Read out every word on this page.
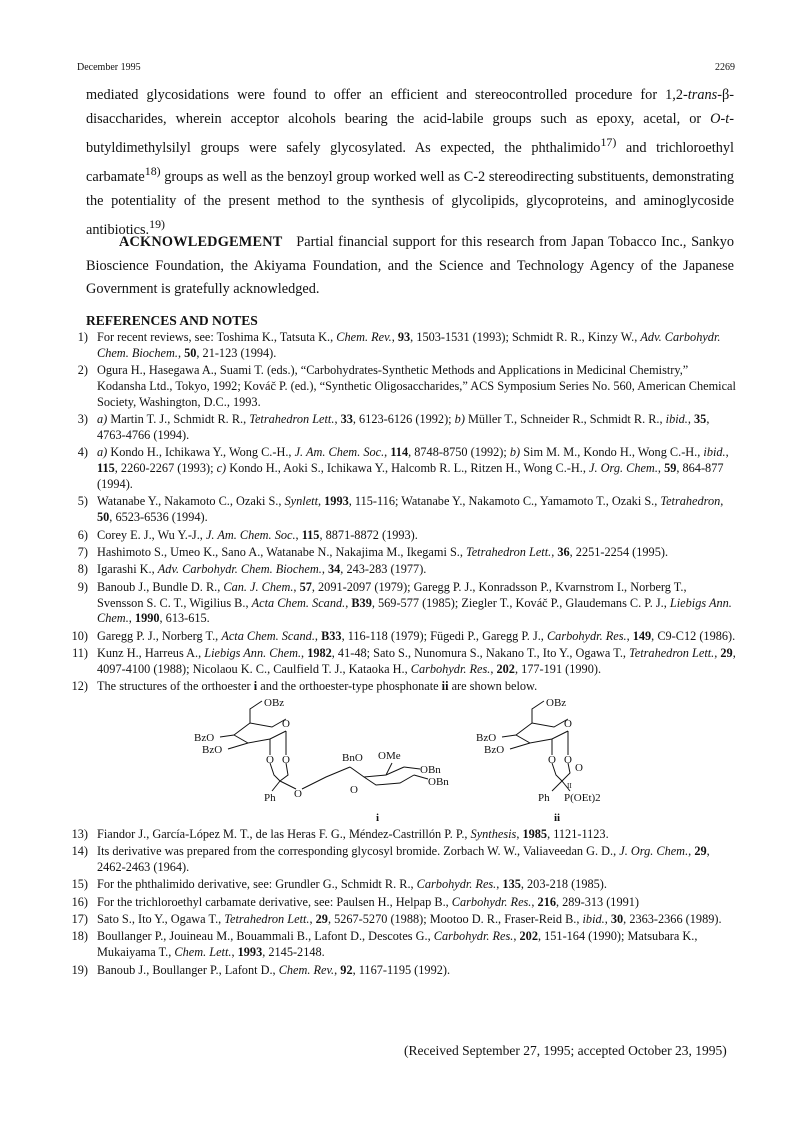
December 1995	2269

mediated glycosidations were found to offer an efficient and stereocontrolled procedure for 1,2-trans-β-disaccharides, wherein acceptor alcohols bearing the acid-labile groups such as epoxy, acetal, or O-t-butyldimethylsilyl groups were safely glycosylated. As expected, the phthalimido$^{17)}$ and trichloroethyl carbamate$^{18)}$ groups as well as the benzoyl group worked well as C-2 stereodirecting substituents, demonstrating the potentiality of the present method to the synthesis of glycolipids, glycoproteins, and aminoglycoside antibiotics.$^{19)}$

ACKNOWLEDGEMENT Partial financial support for this research from Japan Tobacco Inc., Sankyo Bioscience Foundation, the Akiyama Foundation, and the Science and Technology Agency of the Japanese Government is gratefully acknowledged.

REFERENCES AND NOTES

1) For recent reviews, see: Toshima K., Tatsuta K., Chem. Rev., 93, 1503-1531 (1993); Schmidt R. R., Kinzy W., Adv. Carbohydr. Chem. Biochem., 50, 21-123 (1994).

2) Ogura H., Hasegawa A., Suami T. (eds.), “Carbohydrates-Synthetic Methods and Applications in Medicinal Chemistry,” Kodansha Ltd., Tokyo, 1992; Kováč P. (ed.), “Synthetic Oligosaccharides,” ACS Symposium Series No. 560, American Chemical Society, Washington, D.C., 1993.

3) a) Martin T. J., Schmidt R. R., Tetrahedron Lett., 33, 6123-6126 (1992); b) Müller T., Schneider R., Schmidt R. R., ibid., 35, 4763-4766 (1994).

4) a) Kondo H., Ichikawa Y., Wong C.-H., J. Am. Chem. Soc., 114, 8748-8750 (1992); b) Sim M. M., Kondo H., Wong C.-H., ibid., 115, 2260-2267 (1993); c) Kondo H., Aoki S., Ichikawa Y., Halcomb R. L., Ritzen H., Wong C.-H., J. Org. Chem., 59, 864-877 (1994).

5) Watanabe Y., Nakamoto C., Ozaki S., Synlett, 1993, 115-116; Watanabe Y., Nakamoto C., Yamamoto T., Ozaki S., Tetrahedron, 50, 6523-6536 (1994).

6) Corey E. J., Wu Y.-J., J. Am. Chem. Soc., 115, 8871-8872 (1993).

7) Hashimoto S., Umeo K., Sano A., Watanabe N., Nakajima M., Ikegami S., Tetrahedron Lett., 36, 2251-2254 (1995).

8) Igarashi K., Adv. Carbohydr. Chem. Biochem., 34, 243-283 (1977).

9) Banoub J., Bundle D. R., Can. J. Chem., 57, 2091-2097 (1979); Garegg P. J., Konradsson P., Kvarnstrom I., Norberg T., Svensson S. C. T., Wigilius B., Acta Chem. Scand., B39, 569-577 (1985); Ziegler T., Kováč P., Glaudemans C. P. J., Liebigs Ann. Chem., 1990, 613-615.

10) Garegg P. J., Norberg T., Acta Chem. Scand., B33, 116-118 (1979); Fügedi P., Garegg P. J., Carbohydr. Res., 149, C9-C12 (1986).

11) Kunz H., Harreus A., Liebigs Ann. Chem., 1982, 41-48; Sato S., Nunomura S., Nakano T., Ito Y., Ogawa T., Tetrahedron Lett., 29, 4097-4100 (1988); Nicolaou K. C., Caulfield T. J., Kataoka H., Carbohydr. Res., 202, 177-191 (1990).

12) The structures of the orthoester i and the orthoester-type phosphonate ii are shown below.

OBz
BzO
BzO
O
O O
Ph O
BnO OMe
O
OBn
OBn
i
OBz
BzO
BzO
O
O O
O
Ph
II
P(OEt)2
ii

13) Fiandor J., García-López M. T., de las Heras F. G., Méndez-Castrillón P. P., Synthesis, 1985, 1121-1123.

14) Its derivative was prepared from the corresponding glycosyl bromide. Zorbach W. W., Valiaveedan G. D., J. Org. Chem., 29, 2462-2463 (1964).

15) For the phthalimido derivative, see: Grundler G., Schmidt R. R., Carbohydr. Res., 135, 203-218 (1985).

16) For the trichloroethyl carbamate derivative, see: Paulsen H., Helpap B., Carbohydr. Res., 216, 289-313 (1991)

17) Sato S., Ito Y., Ogawa T., Tetrahedron Lett., 29, 5267-5270 (1988); Mootoo D. R., Fraser-Reid B., ibid., 30, 2363-2366 (1989).

18) Boullanger P., Jouineau M., Bouammali B., Lafont D., Descotes G., Carbohydr. Res., 202, 151-164 (1990); Matsubara K., Mukaiyama T., Chem. Lett., 1993, 2145-2148.

19) Banoub J., Boullanger P., Lafont D., Chem. Rev., 92, 1167-1195 (1992).

(Received September 27, 1995; accepted October 23, 1995)
